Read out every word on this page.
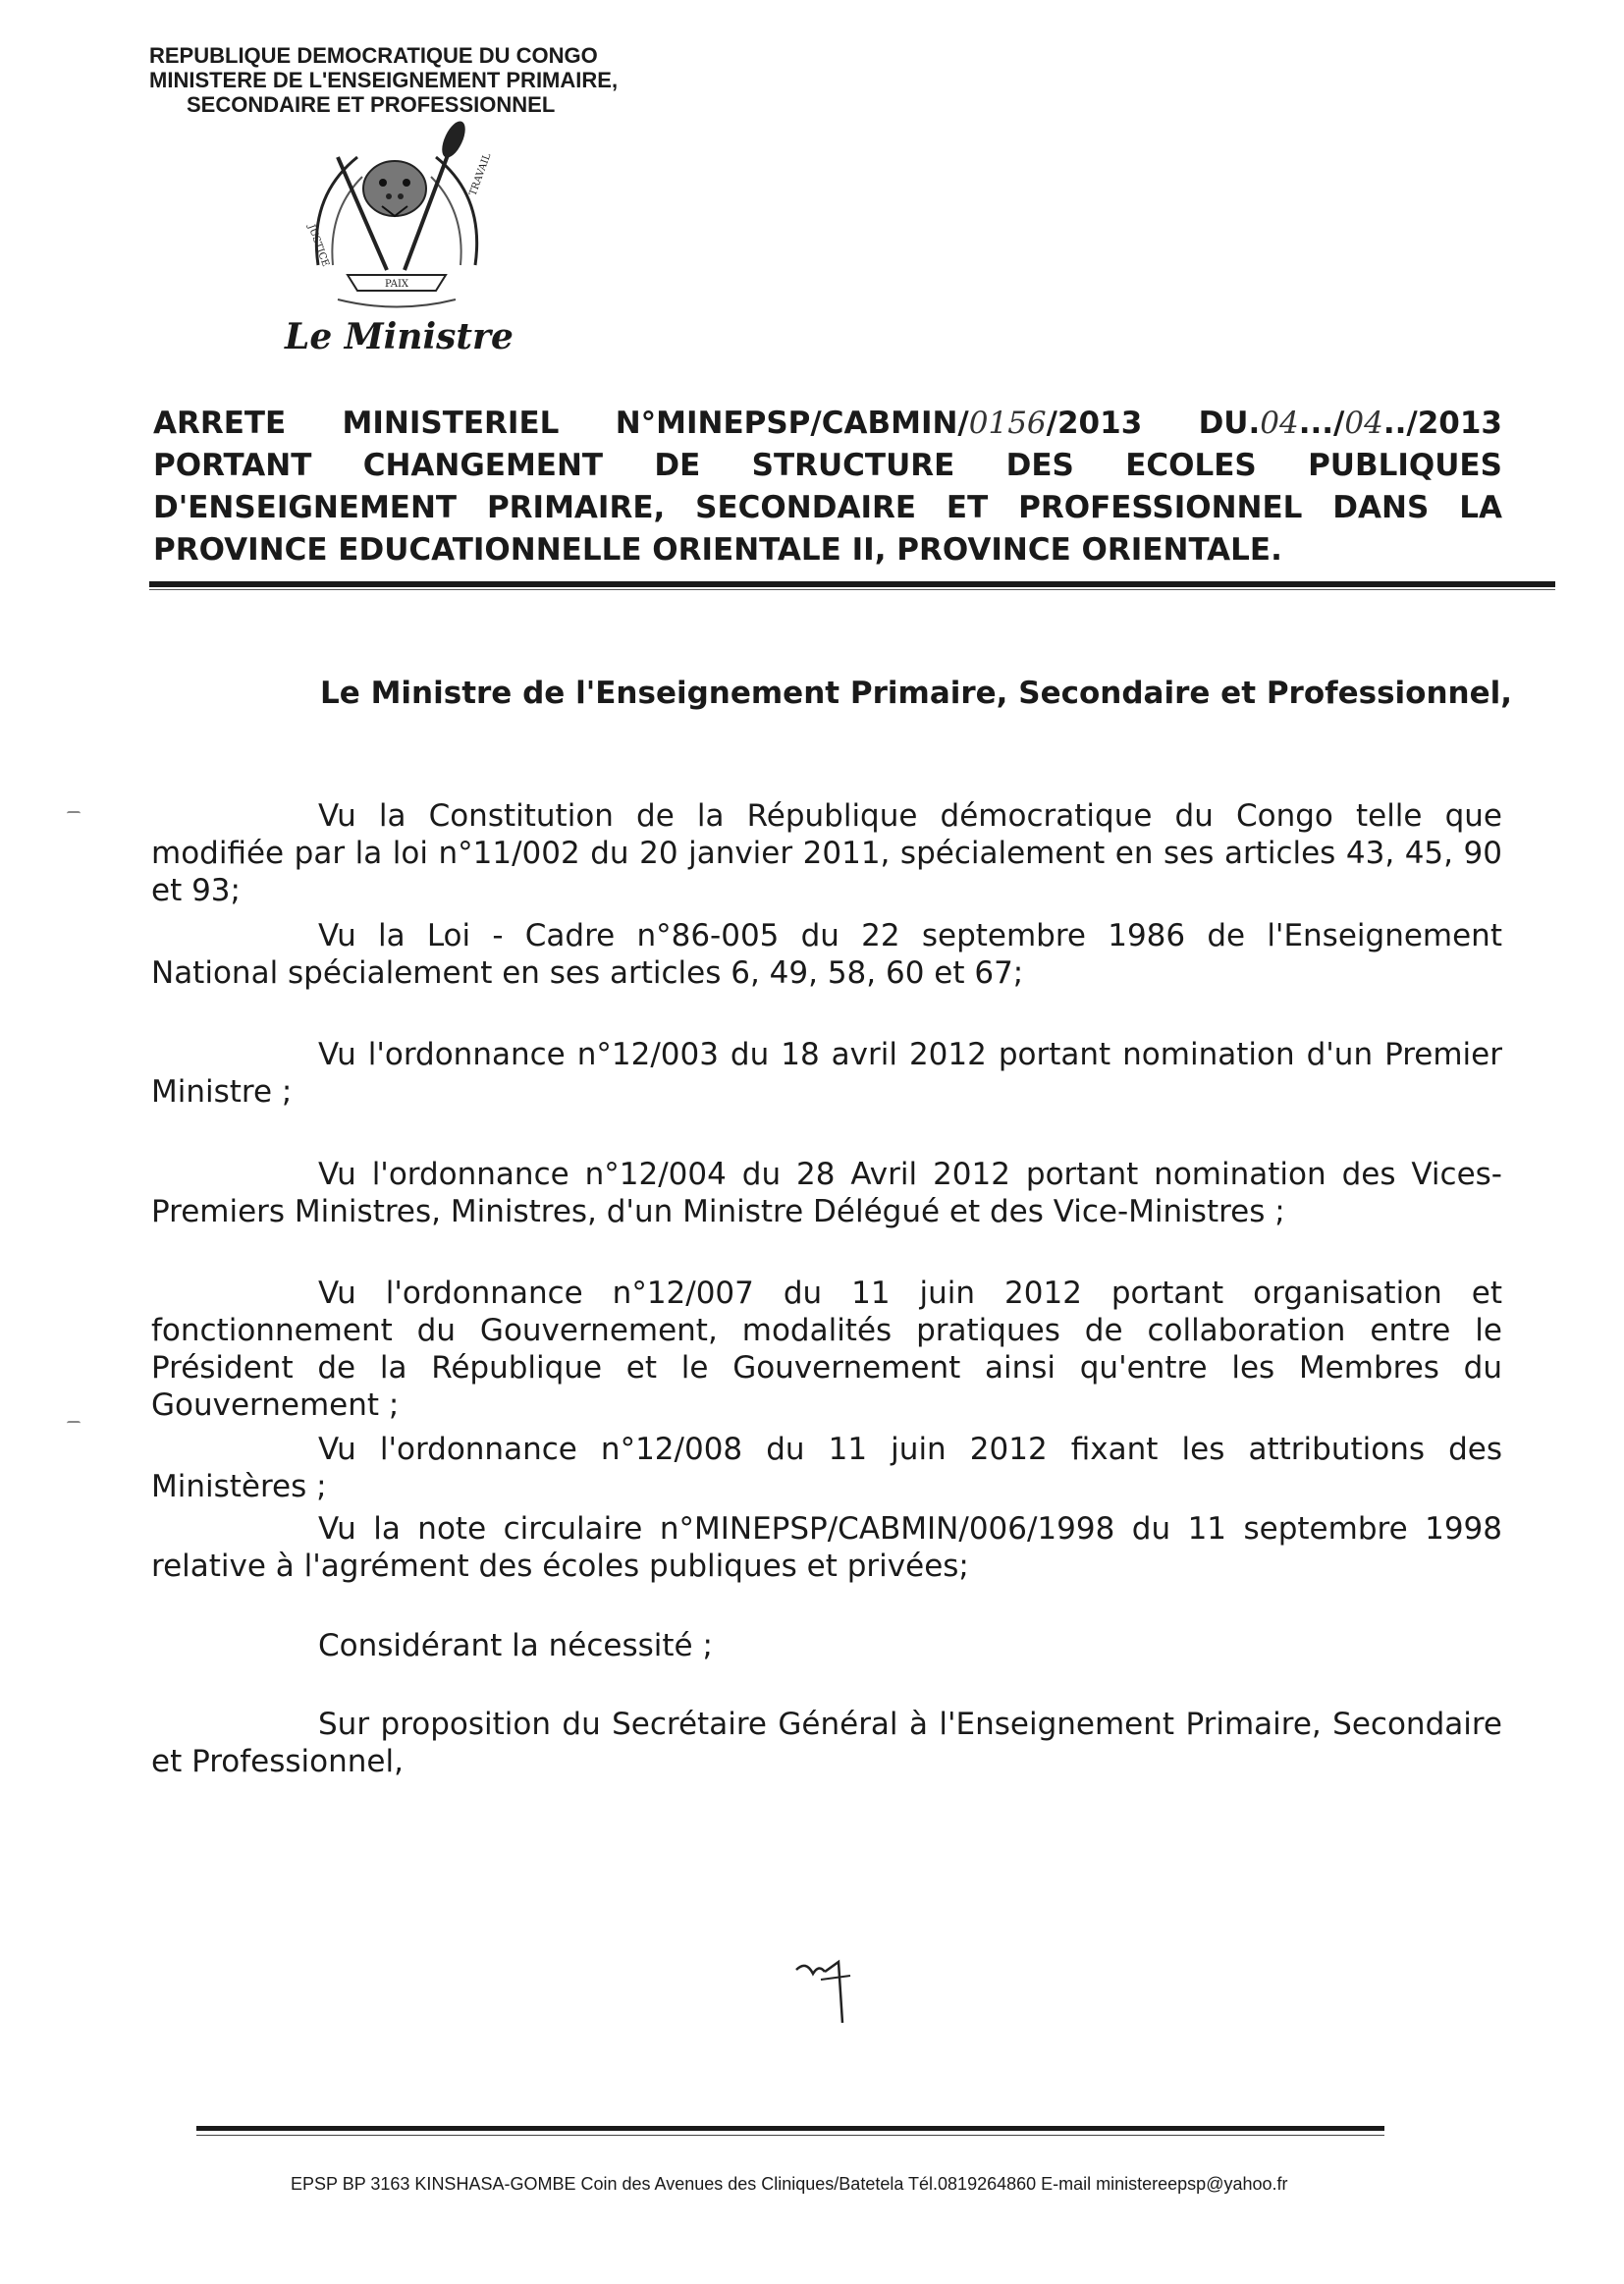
REPUBLIQUE DEMOCRATIQUE DU CONGO
MINISTERE DE L'ENSEIGNEMENT PRIMAIRE,
SECONDAIRE ET PROFESSIONNEL
PAIX
JUSTICE
TRAVAIL
Le Ministre
ARRETE MINISTERIEL N°MINEPSP/CABMIN/0156/2013 DU.04.../04../2013
PORTANT CHANGEMENT DE STRUCTURE DES ECOLES PUBLIQUES
D'ENSEIGNEMENT PRIMAIRE, SECONDAIRE ET PROFESSIONNEL DANS LA
PROVINCE EDUCATIONNELLE ORIENTALE II, PROVINCE ORIENTALE.
Le Ministre de l'Enseignement Primaire, Secondaire et Professionnel,
Vu la Constitution de la République démocratique du Congo telle que modifiée par la loi n°11/002 du 20 janvier 2011, spécialement en ses articles 43, 45, 90 et 93;
Vu la Loi - Cadre n°86-005 du 22 septembre 1986 de l'Enseignement National spécialement en ses articles 6, 49, 58, 60 et 67;
Vu l'ordonnance n°12/003 du 18 avril 2012 portant nomination d'un Premier Ministre ;
Vu l'ordonnance n°12/004 du 28 Avril 2012 portant nomination des Vices-Premiers Ministres, Ministres, d'un Ministre Délégué et des Vice-Ministres ;
Vu l'ordonnance n°12/007 du 11 juin 2012 portant organisation et fonctionnement du Gouvernement, modalités pratiques de collaboration entre le Président de la République et le Gouvernement ainsi qu'entre les Membres du Gouvernement ;
Vu l'ordonnance n°12/008 du 11 juin 2012 fixant les attributions des Ministères ;
Vu la note circulaire n°MINEPSP/CABMIN/006/1998 du 11 septembre 1998 relative à l'agrément des écoles publiques et privées;
Considérant la nécessité ;
Sur proposition du Secrétaire Général à l'Enseignement Primaire, Secondaire et Professionnel,
EPSP BP 3163 KINSHASA-GOMBE Coin des Avenues des Cliniques/Batetela Tél.0819264860 E-mail ministereepsp@yahoo.fr
